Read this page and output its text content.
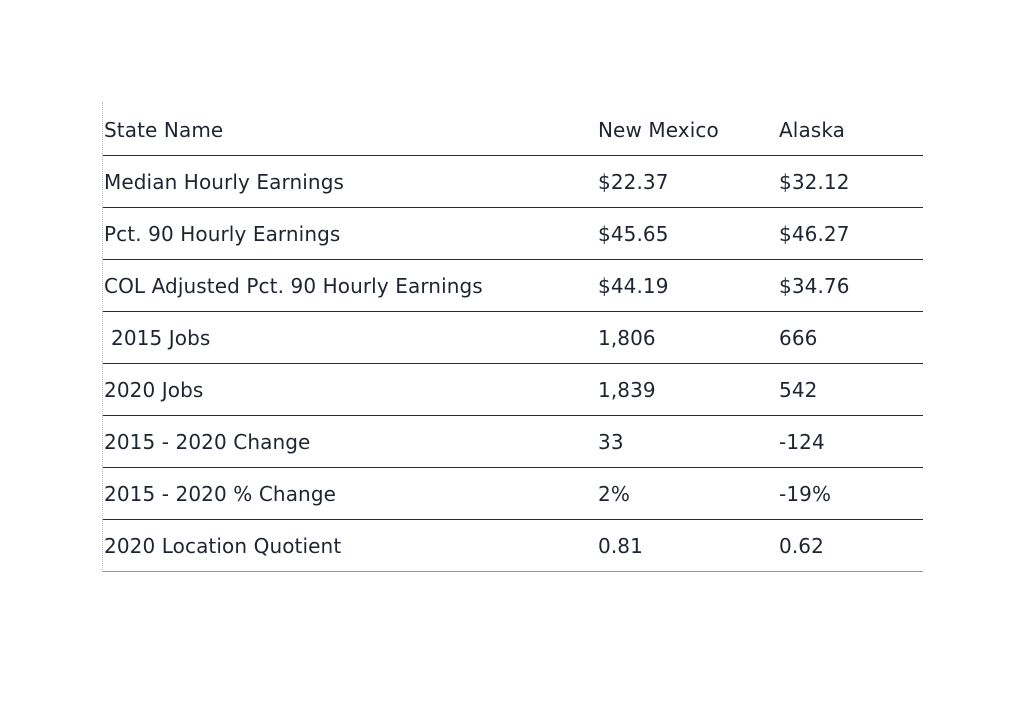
State Name	New Mexico	Alaska
Median Hourly Earnings	$22.37	$32.12
Pct. 90 Hourly Earnings	$45.65	$46.27
COL Adjusted Pct. 90 Hourly Earnings	$44.19	$34.76
2015 Jobs	1,806	666
2020 Jobs	1,839	542
2015 - 2020 Change	33	-124
2015 - 2020 % Change	2%	-19%
2020 Location Quotient	0.81	0.62
